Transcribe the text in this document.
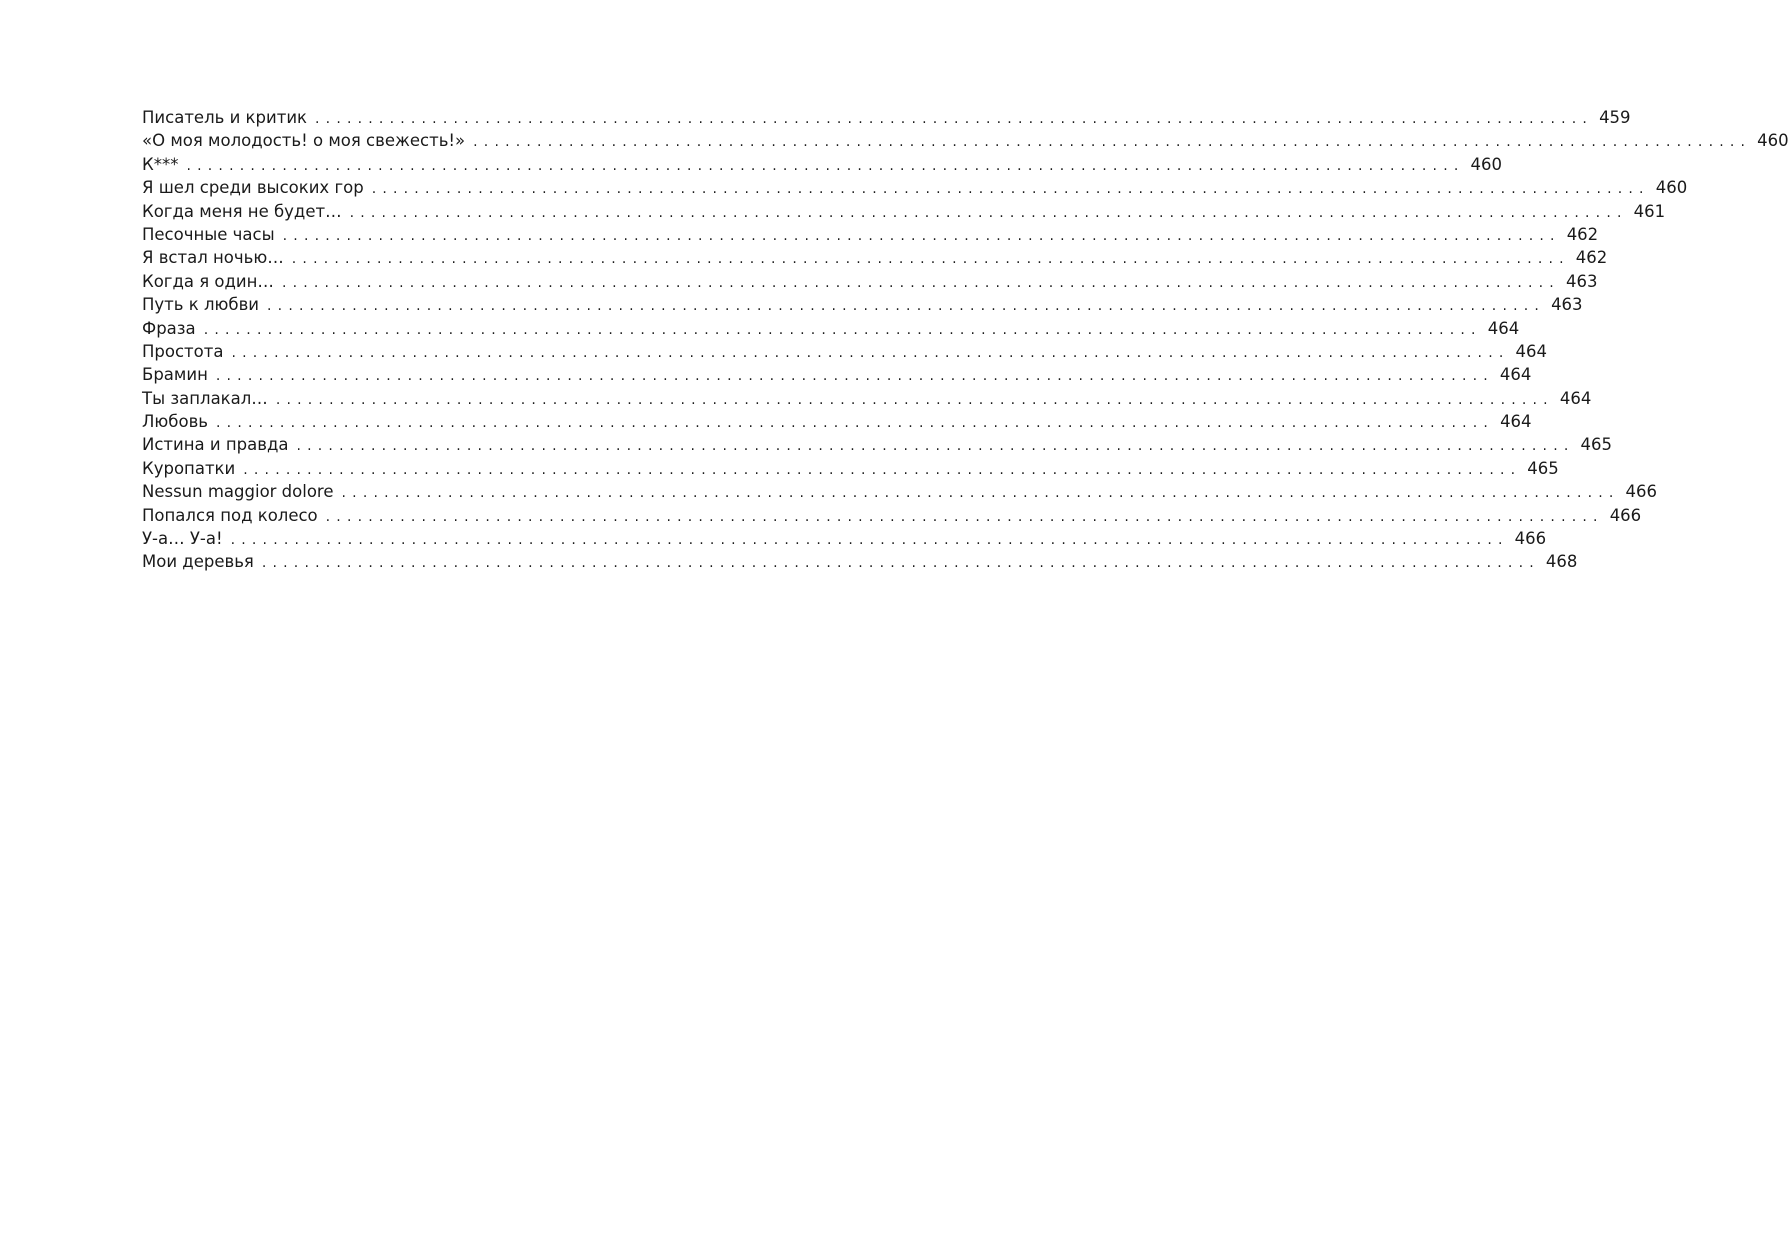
Писатель и критик ........................................................................................................................ 459
«О моя молодость! о моя свежесть!» ........................................................................................................................ 460
К*** ........................................................................................................................ 460
Я шел среди высоких гор ........................................................................................................................ 460
Когда меня не будет… ........................................................................................................................ 461
Песочные часы ........................................................................................................................ 462
Я встал ночью… ........................................................................................................................ 462
Когда я один… ........................................................................................................................ 463
Путь к любви ........................................................................................................................ 463
Фраза ........................................................................................................................ 464
Простота ........................................................................................................................ 464
Брамин ........................................................................................................................ 464
Ты заплакал… ........................................................................................................................ 464
Любовь ........................................................................................................................ 464
Истина и правда ........................................................................................................................ 465
Куропатки ........................................................................................................................ 465
Nessun maggior dolore ........................................................................................................................ 466
Попался под колесо ........................................................................................................................ 466
У-а… У-а! ........................................................................................................................ 466
Мои деревья ........................................................................................................................ 468
